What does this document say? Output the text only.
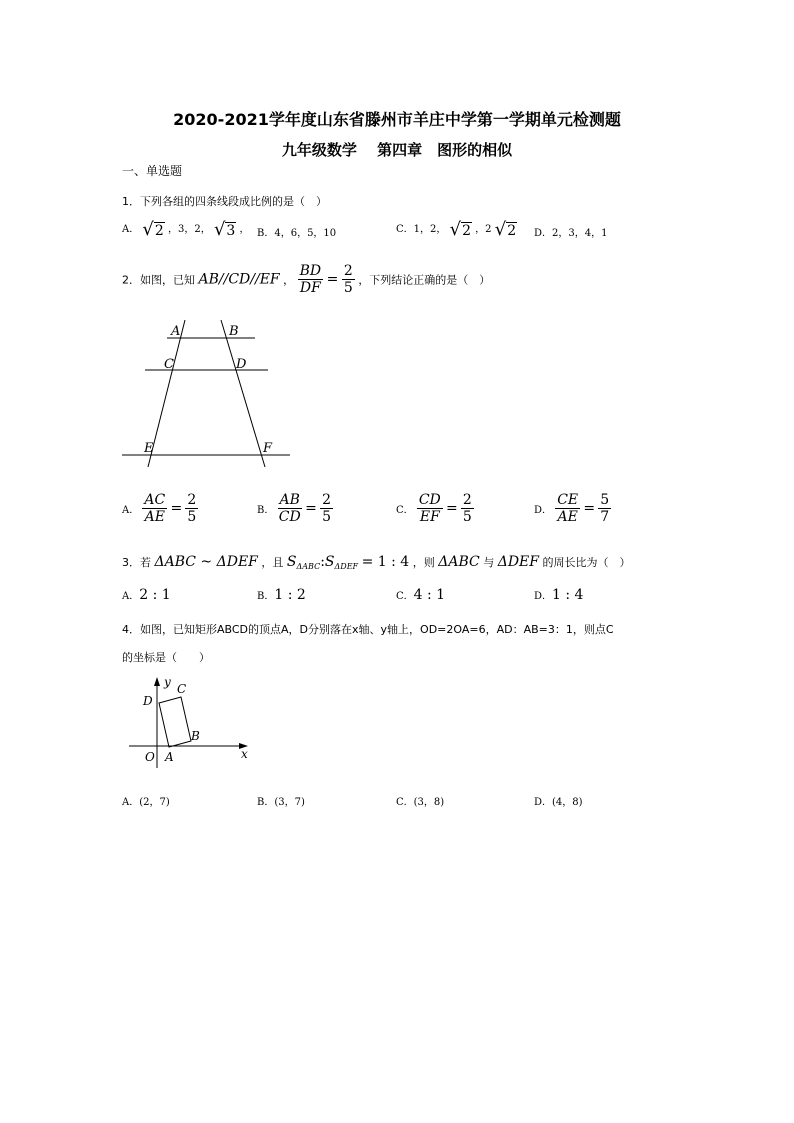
2020-2021学年度山东省滕州市羊庄中学第一学期单元检测题
九年级数学　 第四章　图形的相似
一、单选题
1．下列各组的四条线段成比例的是（　）
A． √2 ，3，2， √3 ， B．4，6，5，10	C．1，2， √2 ，2 √2 D．2，3，4，1
2．如图，已知 AB//CD//EF ， $\frac{BD}{DF} = \frac{2}{5}$ ，下列结论正确的是（　）
A	B
C	D
E	F
A． $\frac{AC}{AE} = \frac{2}{5}$	B． $\frac{AB}{CD} = \frac{2}{5}$	C． $\frac{CD}{EF} = \frac{2}{5}$	D． $\frac{CE}{AE} = \frac{5}{7}$
3．若 ΔABC ~ ΔDEF ，且 $S_{\Delta ABC}:S_{\Delta DEF} = 1$ : 4 ，则 ΔABC 与 ΔDEF 的周长比为（　）
A．2 : 1	B．1 : 2	C．4 : 1	D．1 : 4
4．如图，已知矩形ABCD的顶点A，D分别落在x轴、y轴上，OD=2OA=6，AD：AB=3：1，则点C
的坐标是（　　）
y
x
D
C
B
O A
A．(2，7)	B．(3，7)	C．(3，8)	D．(4，8)
